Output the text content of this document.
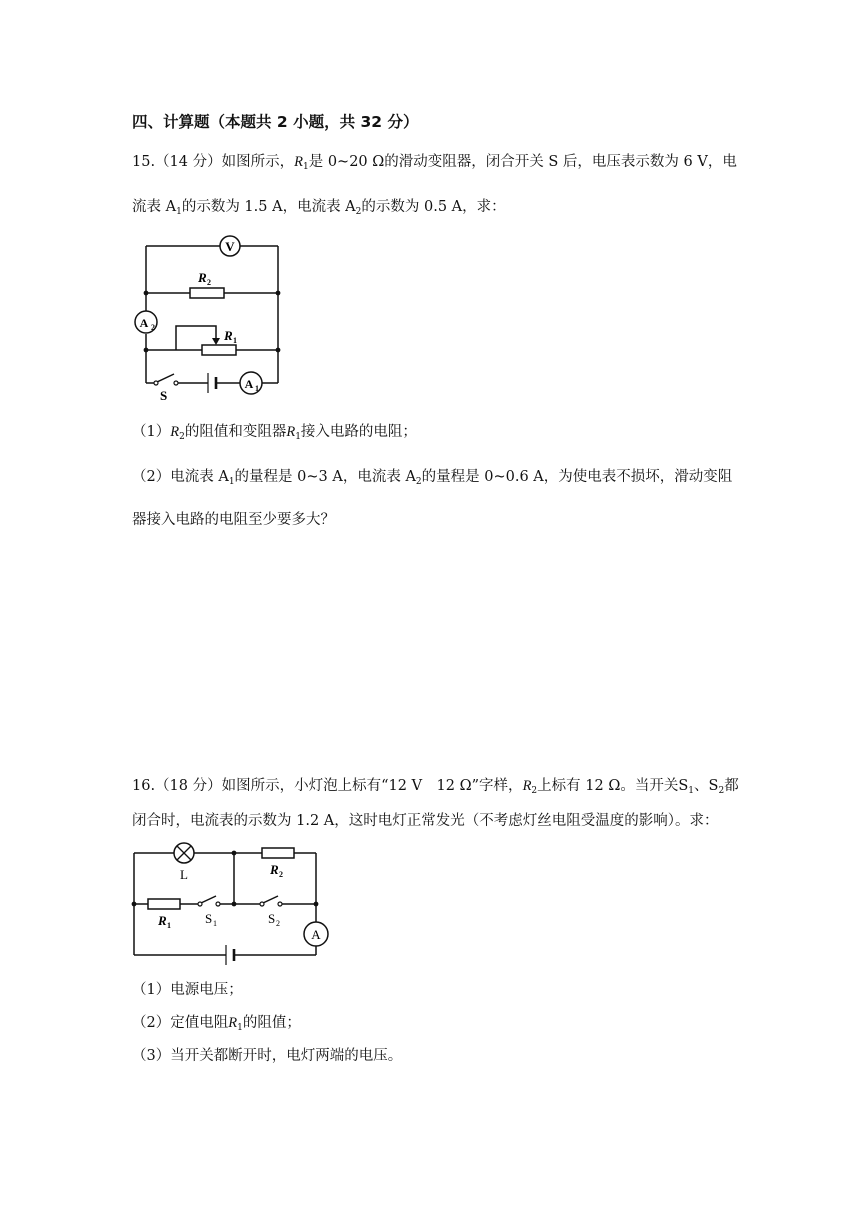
四、计算题（本题共 2 小题，共 32 分）
15.（14 分）如图所示，$R_1$是 0~20 Ω的滑动变阻器，闭合开关 S 后，电压表示数为 6 V，电
流表 $A_1$的示数为 1.5 A，电流表 $A_2$的示数为 0.5 A，求：
V
A 2
A 1
R 2
R 1
S
$(1)R_2$的阻值和变阻器$R_1$接入电路的电阻；
（2）电流表 $A_1$的量程是 0~3 A，电流表 $A_2$的量程是 0~0.6 A，为使电表不损坏，滑动变阻
器接入电路的电阻至少要多大？
16.（18 分）如图所示，小灯泡上标有“12 V　12 Ω”字样，$R_2$上标有 12 Ω。当开关$S_1$、$S_2$都
闭合时，电流表的示数为 1.2 A，这时电灯正常发光（不考虑灯丝电阻受温度的影响）。求：
A
L	R 2
R 1	S 1	S 2
（1）电源电压；
（2）定值电阻$R_1$的阻值；
（3）当开关都断开时，电灯两端的电压。
